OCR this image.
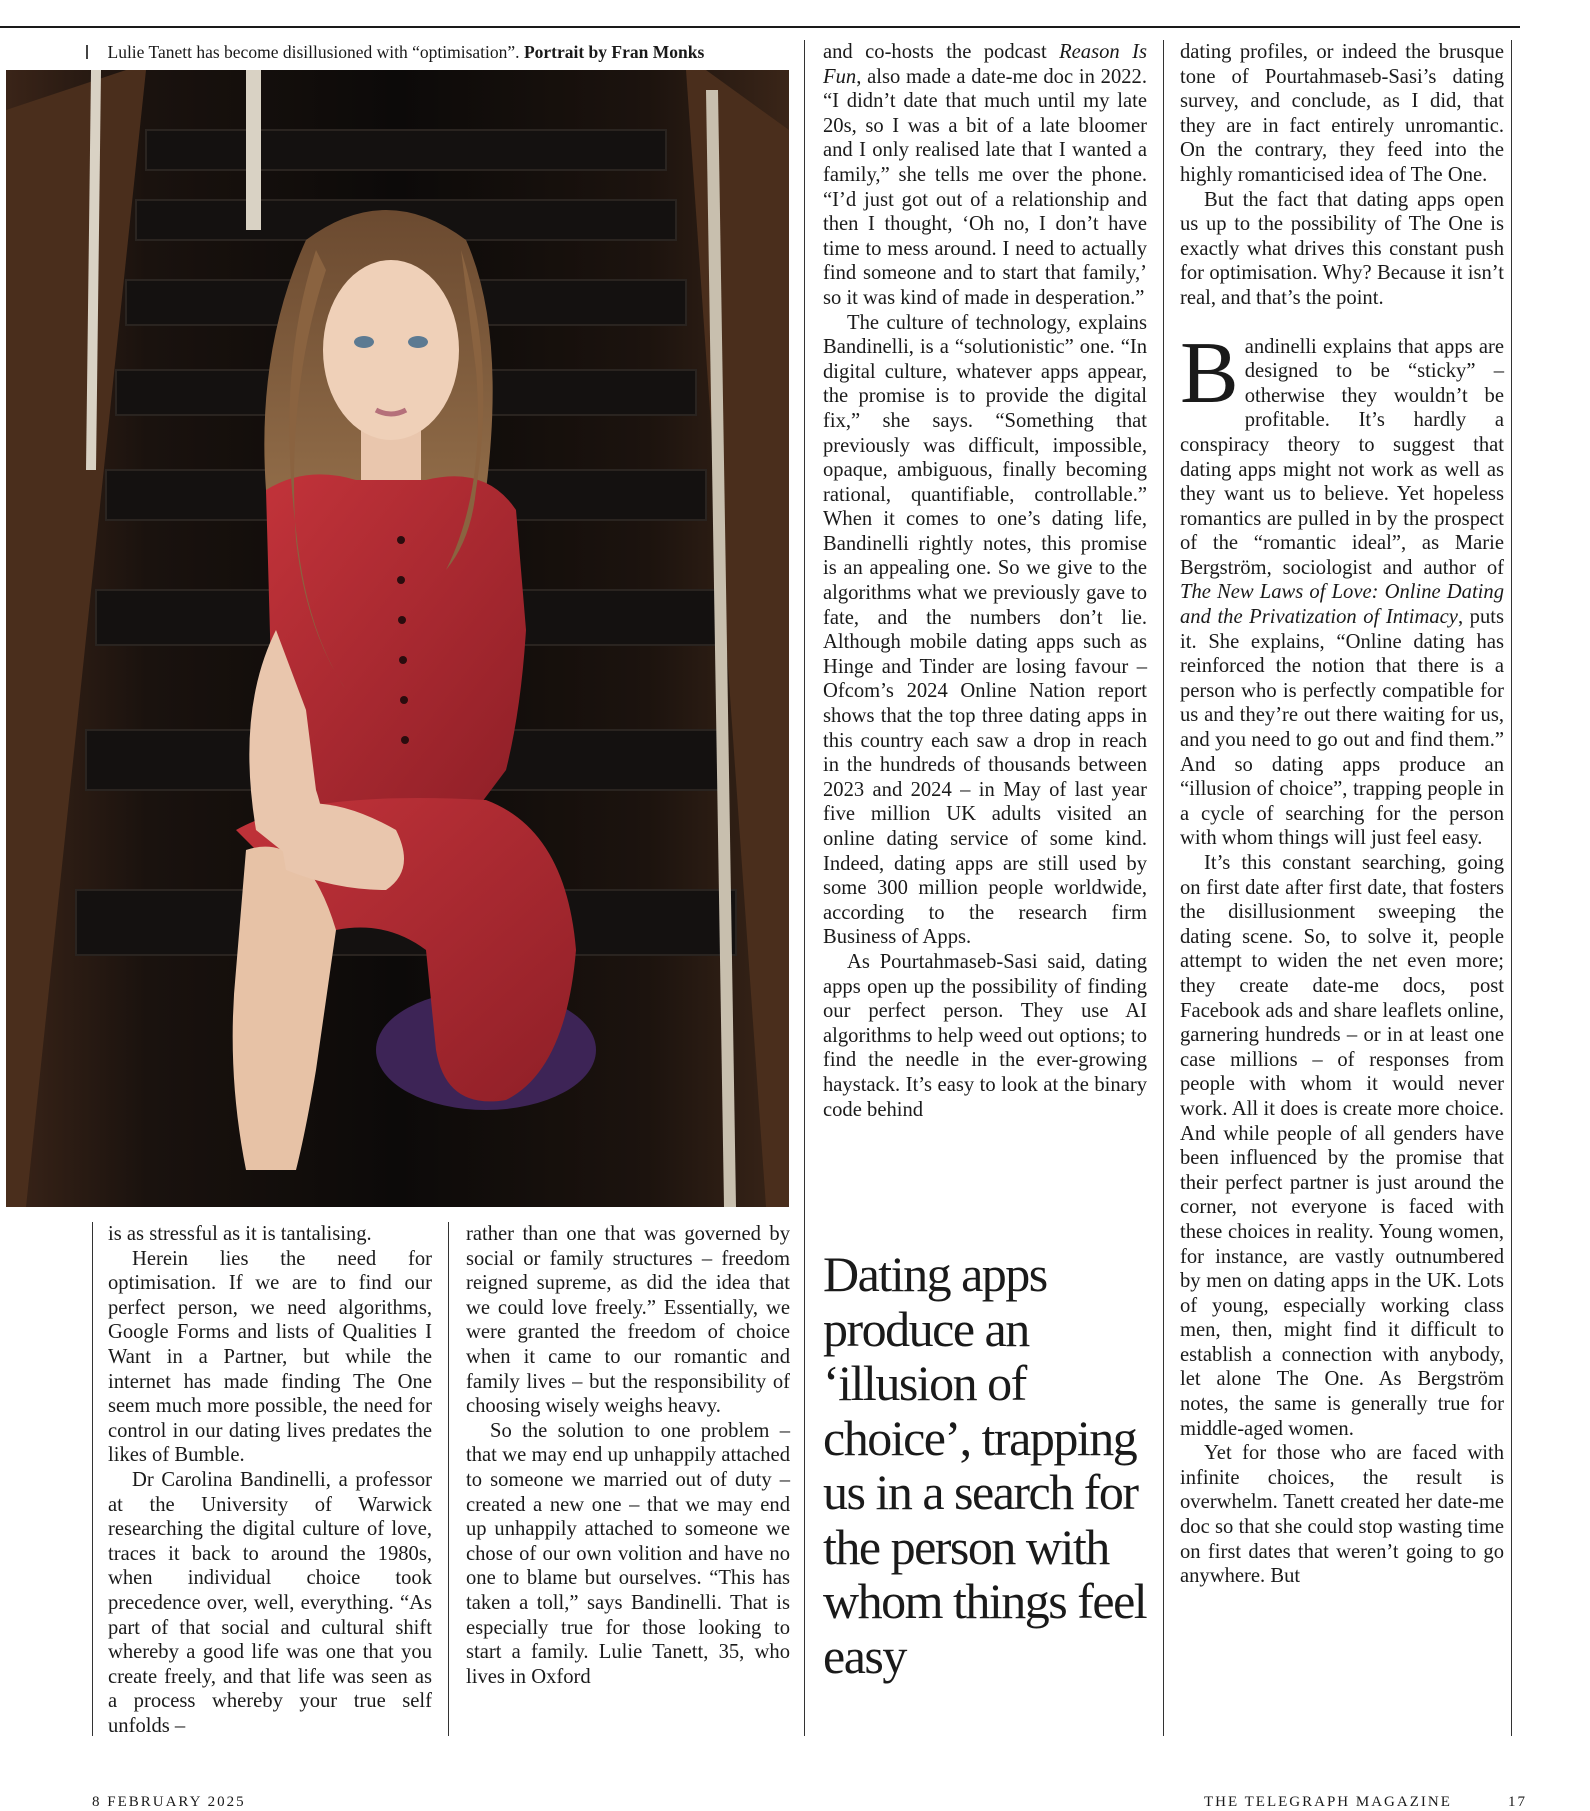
Lulie Tanett has become disillusioned with “optimisation”. Portrait by Fran Monks

is as stressful as it is tantalising.

Herein lies the need for optimisation. If we are to find our perfect person, we need algorithms, Google Forms and lists of Qualities I Want in a Partner, but while the internet has made finding The One seem much more possible, the need for control in our dating lives predates the likes of Bumble.

Dr Carolina Bandinelli, a professor at the University of Warwick researching the digital culture of love, traces it back to around the 1980s, when individual choice took precedence over, well, everything. “As part of that social and cultural shift whereby a good life was one that you create freely, and that life was seen as a process whereby your true self unfolds –

rather than one that was governed by social or family structures – freedom reigned supreme, as did the idea that we could love freely.” Essentially, we were granted the freedom of choice when it came to our romantic and family lives – but the responsibility of choosing wisely weighs heavy.

So the solution to one problem – that we may end up unhappily attached to someone we married out of duty – created a new one – that we may end up unhappily attached to someone we chose of our own volition and have no one to blame but ourselves. “This has taken a toll,” says Bandinelli. That is especially true for those looking to start a family. Lulie Tanett, 35, who lives in Oxford

and co-hosts the podcast Reason Is Fun, also made a date-me doc in 2022. “I didn’t date that much until my late 20s, so I was a bit of a late bloomer and I only realised late that I wanted a family,” she tells me over the phone. “I’d just got out of a relationship and then I thought, ‘Oh no, I don’t have time to mess around. I need to actually find someone and to start that family,’ so it was kind of made in desperation.”

The culture of technology, explains Bandinelli, is a “solutionistic” one. “In digital culture, whatever apps appear, the promise is to provide the digital fix,” she says. “Something that previously was difficult, impossible, opaque, ambiguous, finally becoming rational, quantifiable, controllable.” When it comes to one’s dating life, Bandinelli rightly notes, this promise is an appealing one. So we give to the algorithms what we previously gave to fate, and the numbers don’t lie. Although mobile dating apps such as Hinge and Tinder are losing favour – Ofcom’s 2024 Online Nation report shows that the top three dating apps in this country each saw a drop in reach in the hundreds of thousands between 2023 and 2024 – in May of last year five million UK adults visited an online dating service of some kind. Indeed, dating apps are still used by some 300 million people worldwide, according to the research firm Business of Apps.

As Pourtahmaseb-Sasi said, dating apps open up the possibility of finding our perfect person. They use AI algorithms to help weed out options; to find the needle in the ever-growing haystack. It’s easy to look at the binary code behind

Dating apps produce an ‘illusion of choice’, trapping us in a search for the person with whom things feel easy

dating profiles, or indeed the brusque tone of Pourtahmaseb-Sasi’s dating survey, and conclude, as I did, that they are in fact entirely unromantic. On the contrary, they feed into the highly romanticised idea of The One.

But the fact that dating apps open us up to the possibility of The One is exactly what drives this constant push for optimisation. Why? Because it isn’t real, and that’s the point.

Bandinelli explains that apps are designed to be “sticky” – otherwise they wouldn’t be profitable. It’s hardly a conspiracy theory to suggest that dating apps might not work as well as they want us to believe. Yet hopeless romantics are pulled in by the prospect of the “romantic ideal”, as Marie Bergström, sociologist and author of The New Laws of Love: Online Dating and the Privatization of Intimacy, puts it. She explains, “Online dating has reinforced the notion that there is a person who is perfectly compatible for us and they’re out there waiting for us, and you need to go out and find them.” And so dating apps produce an “illusion of choice”, trapping people in a cycle of searching for the person with whom things will just feel easy.

It’s this constant searching, going on first date after first date, that fosters the disillusionment sweeping the dating scene. So, to solve it, people attempt to widen the net even more; they create date-me docs, post Facebook ads and share leaflets online, garnering hundreds – or in at least one case millions – of responses from people with whom it would never work. All it does is create more choice. And while people of all genders have been influenced by the promise that their perfect partner is just around the corner, not everyone is faced with these choices in reality. Young women, for instance, are vastly outnumbered by men on dating apps in the UK. Lots of young, especially working class men, then, might find it difficult to establish a connection with anybody, let alone The One. As Bergström notes, the same is generally true for middle-aged women.

Yet for those who are faced with infinite choices, the result is overwhelm. Tanett created her date-me doc so that she could stop wasting time on first dates that weren’t going to go anywhere. But

8 FEBRUARY 2025	THE TELEGRAPH MAGAZINE	17
